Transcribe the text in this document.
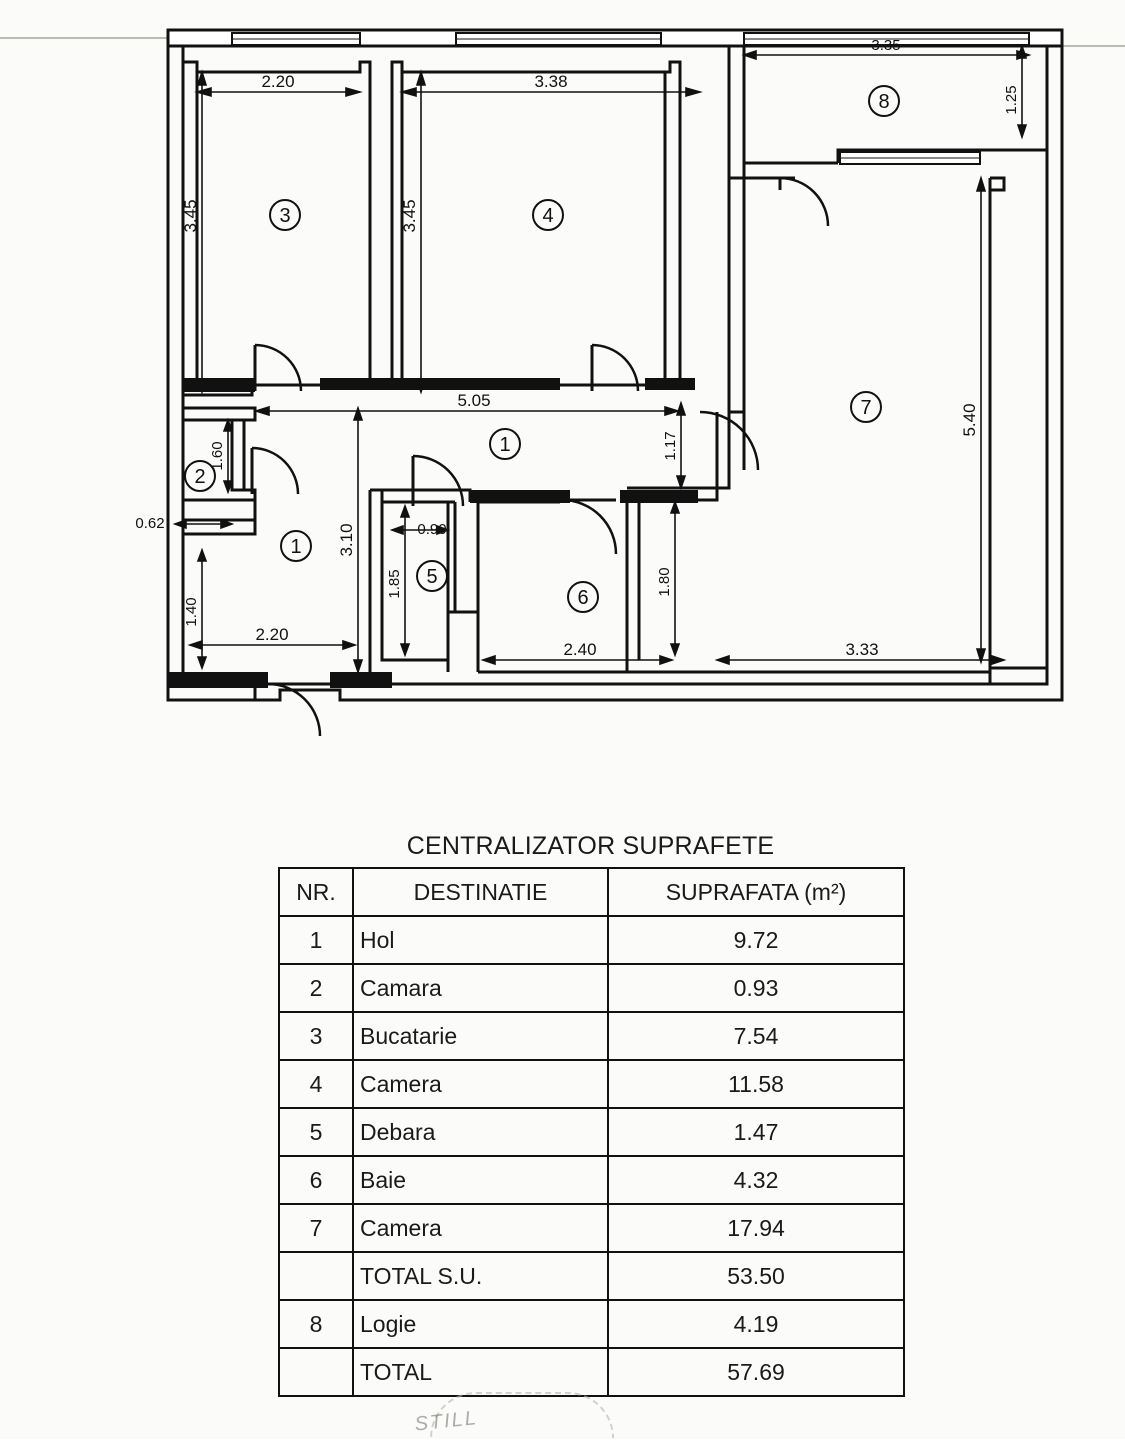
2.20	3.38
3.35
1.25
3.45	3.45
5.05
1.17
5.40
1.60
0.62	3.10	0.90
1.85
1.40
2.20
2.40
1.80
3.33
3	4
8
7
1
2
1
5
6
CENTRALIZATOR SUPRAFETE
NR.	DESTINATIE	SUPRAFATA (m²)
1	Hol	9.72
2	Camara	0.93
3	Bucatarie	7.54
4	Camera	11.58
5	Debara	1.47
6	Baie	4.32
7	Camera	17.94
	TOTAL S.U.	53.50
8	Logie	4.19
	TOTAL	57.69
STILL
